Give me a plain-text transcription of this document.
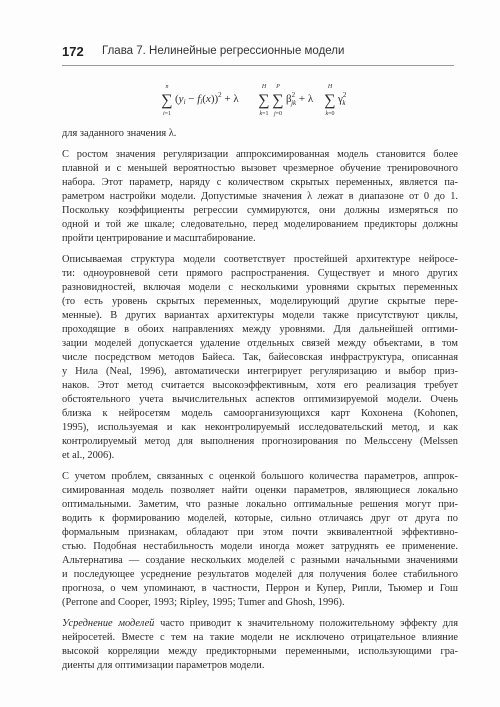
172 Глава 7. Нелинейные регрессионные модели
n
∑
i=1
(yi − fi(x))$^2$ + λ
H
∑
k=1
P
∑
j=0
$\beta^2$ jk + λ
H
∑
k=0
$\gamma^2$ k

для заданного значения λ.

С ростом значения регуляризации аппроксимированная модель становится более
плавной и с меньшей вероятностью вызовет чрезмерное обучение тренировочного
набора. Этот параметр, наряду с количеством скрытых переменных, является па-
раметром настройки модели. Допустимые значения λ лежат в диапазоне от 0 до 1.
Поскольку коэффициенты регрессии суммируются, они должны измеряться по
одной и той же шкале; следовательно, перед моделированием предикторы должны
пройти центрирование и масштабирование.

Описываемая структура модели соответствует простейшей архитектуре нейросе-
ти: одноуровневой сети прямого распространения. Существует и много других
разновидностей, включая модели с несколькими уровнями скрытых переменных
(то есть уровень скрытых переменных, моделирующий другие скрытые пере-
менные). В других вариантах архитектуры модели также присутствуют циклы,
проходящие в обоих направлениях между уровнями. Для дальнейшей оптими-
зации моделей допускается удаление отдельных связей между объектами, в том
числе посредством методов Байеса. Так, байесовская инфраструктура, описанная
у Нила (Neal, 1996), автоматически интегрирует регуляризацию и выбор приз-
наков. Этот метод считается высокоэффективным, хотя его реализация требует
обстоятельного учета вычислительных аспектов оптимизируемой модели. Очень
близка к нейросетям модель самоорганизующихся карт Кохонена (Kohonen,
1995), используемая и как неконтролируемый исследовательский метод, и как
контролируемый метод для выполнения прогнозирования по Мельссену (Melssen
et al., 2006).

С учетом проблем, связанных с оценкой большого количества параметров, аппрок-
симированная модель позволяет найти оценки параметров, являющиеся локально
оптимальными. Заметим, что разные локально оптимальные решения могут при-
водить к формированию моделей, которые, сильно отличаясь друг от друга по
формальным признакам, обладают при этом почти эквивалентной эффективно-
стью. Подобная нестабильность модели иногда может затруднять ее применение.
Альтернатива — создание нескольких моделей с разными начальными значениями
и последующее усреднение результатов моделей для получения более стабильного
прогноза, о чем упоминают, в частности, Перрон и Купер, Рипли, Тьюмер и Гош
(Perrone and Cooper, 1993; Ripley, 1995; Tumer and Ghosh, 1996).

Усреднение моделей часто приводит к значительному положительному эффекту для
нейросетей. Вместе с тем на такие модели не исключено отрицательное влияние
высокой корреляции между предикторными переменными, использующими гра-
диенты для оптимизации параметров модели.
